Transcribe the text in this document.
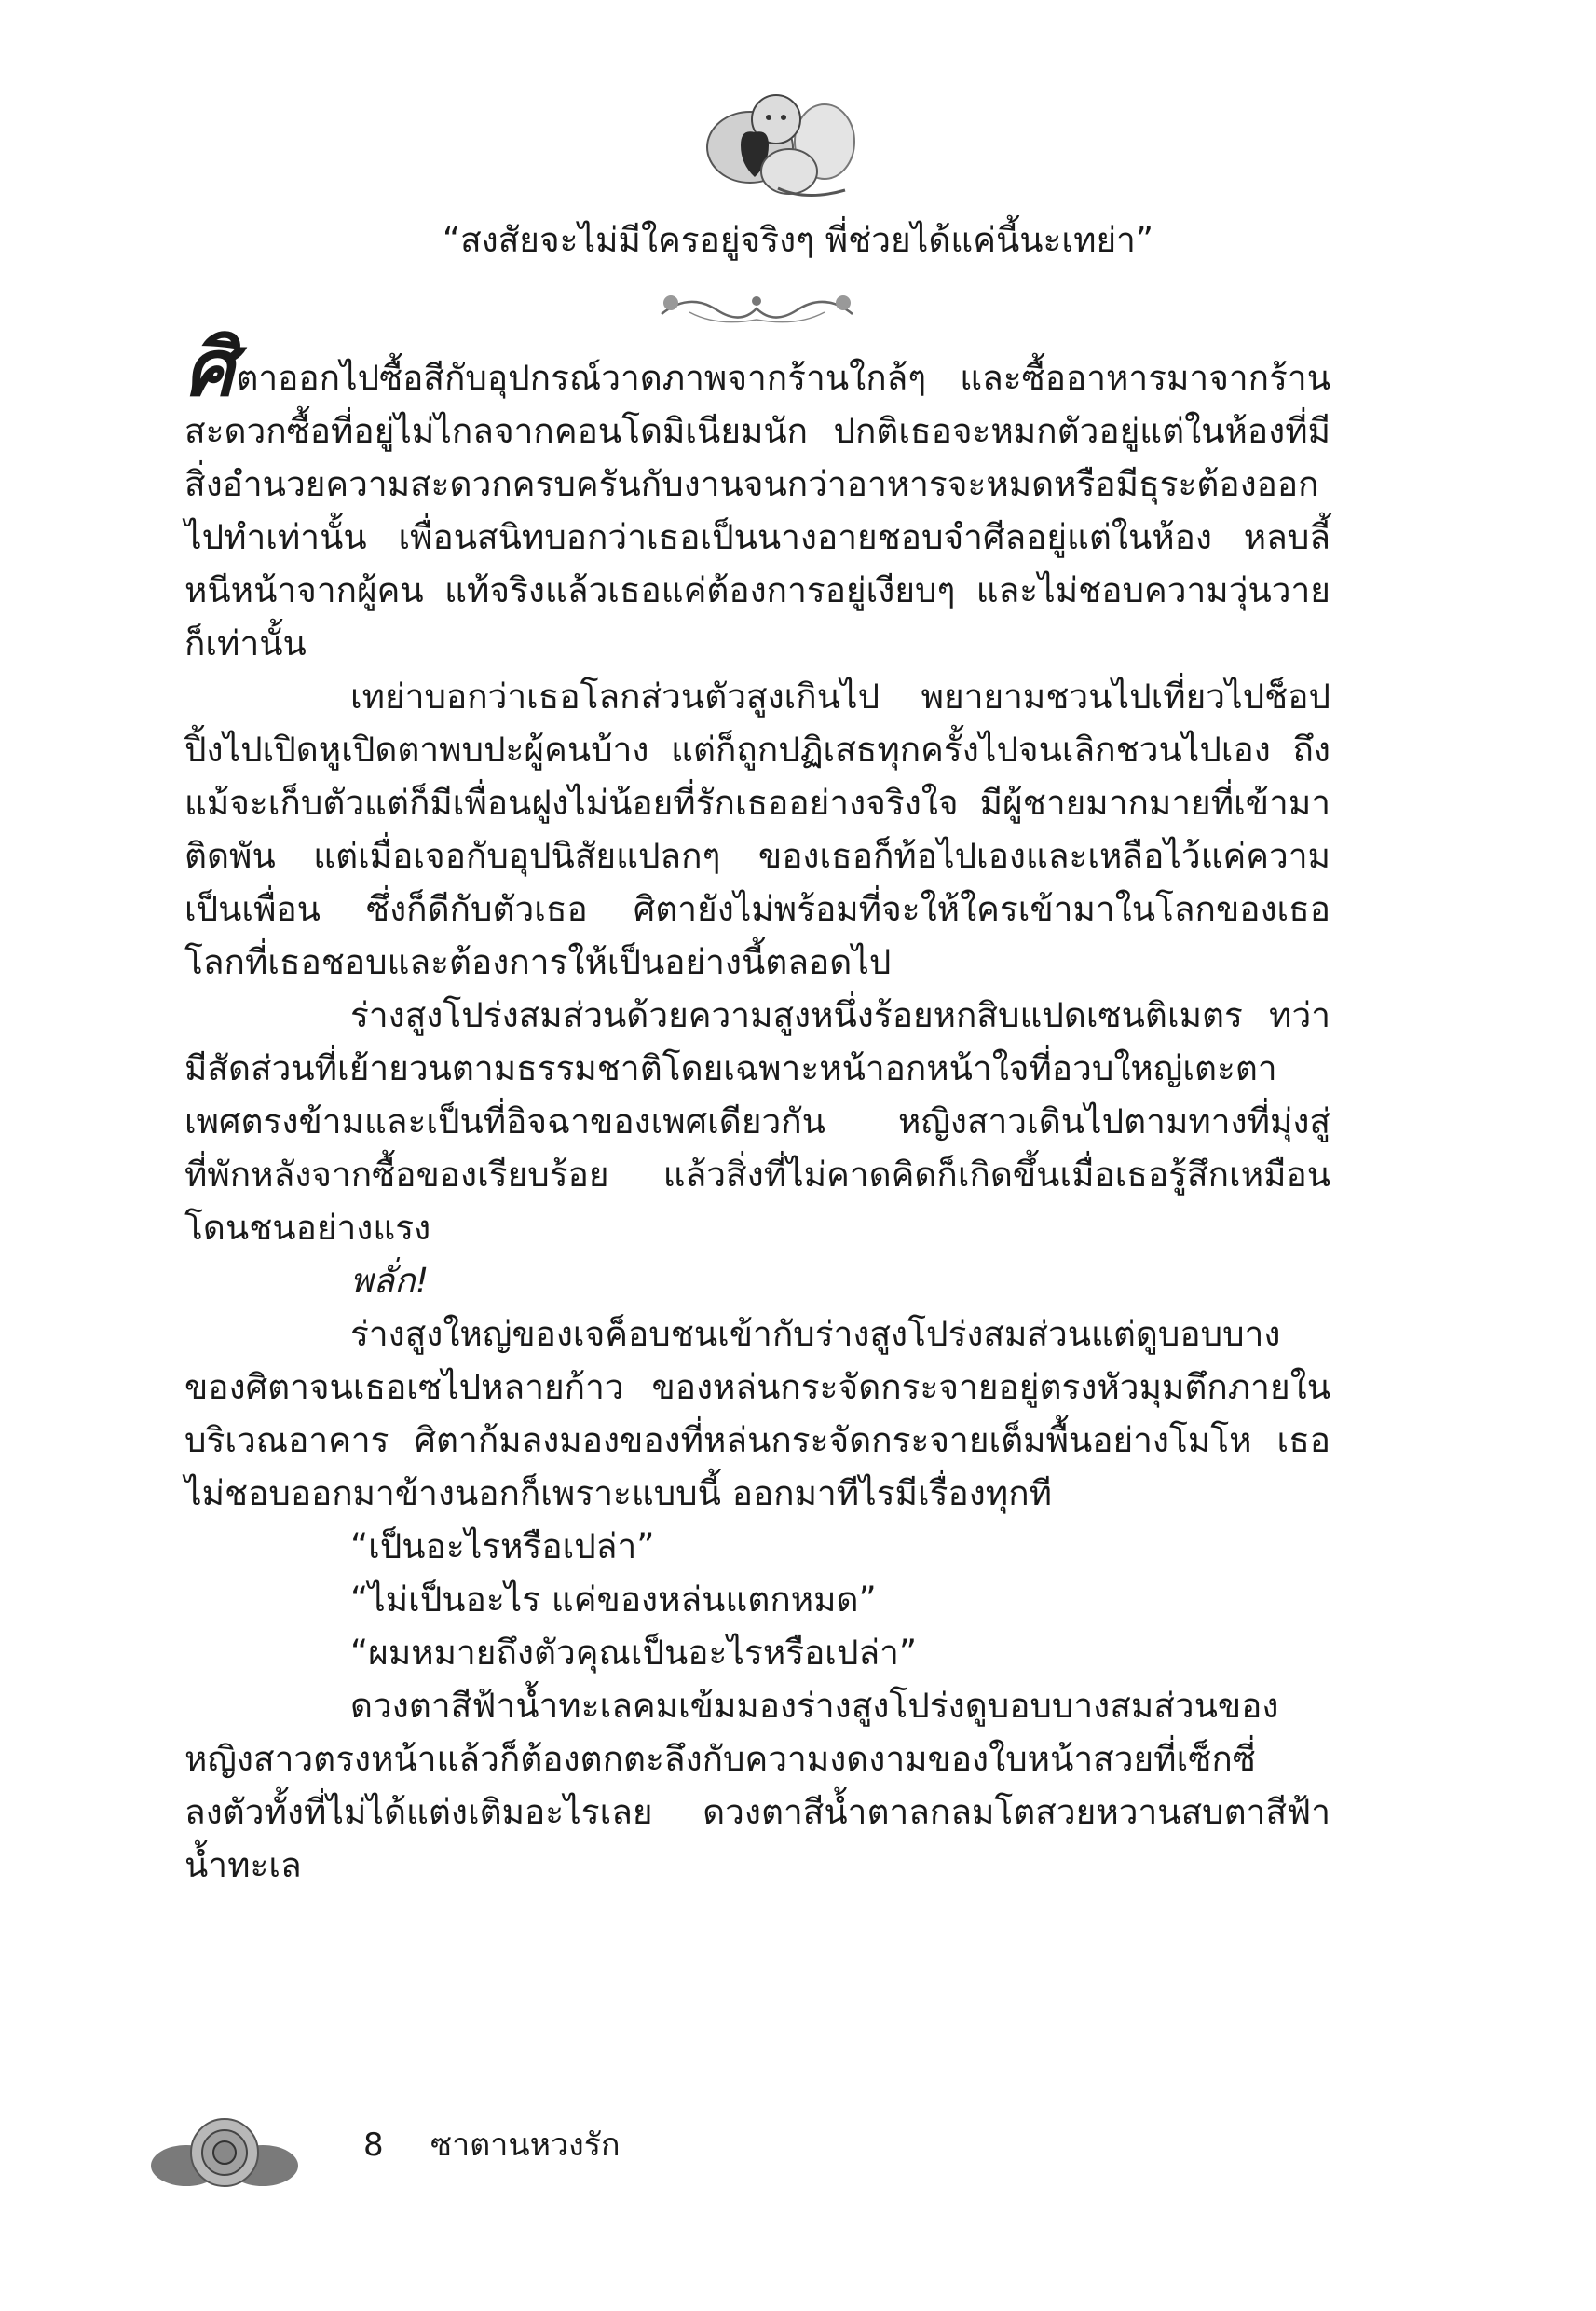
“สงสัยจะไม่มีใครอยู่จริงๆ พี่ช่วยได้แค่นี้นะเทย่า”

ศิตาออกไปซื้อสีกับอุปกรณ์วาดภาพจากร้านใกล้ๆ และซื้ออาหารมาจากร้านสะดวกซื้อที่อยู่ไม่ไกลจากคอนโดมิเนียมนัก ปกติเธอจะหมกตัวอยู่แต่ในห้องที่มีสิ่งอำนวยความสะดวกครบครันกับงานจนกว่าอาหารจะหมดหรือมีธุระต้องออกไปทำเท่านั้น เพื่อนสนิทบอกว่าเธอเป็นนางอายชอบจำศีลอยู่แต่ในห้อง หลบลี้หนีหน้าจากผู้คน แท้จริงแล้วเธอแค่ต้องการอยู่เงียบๆ และไม่ชอบความวุ่นวายก็เท่านั้น

เทย่าบอกว่าเธอโลกส่วนตัวสูงเกินไป พยายามชวนไปเที่ยวไปช็อปปิ้งไปเปิดหูเปิดตาพบปะผู้คนบ้าง แต่ก็ถูกปฏิเสธทุกครั้งไปจนเลิกชวนไปเอง ถึงแม้จะเก็บตัวแต่ก็มีเพื่อนฝูงไม่น้อยที่รักเธออย่างจริงใจ มีผู้ชายมากมายที่เข้ามาติดพัน แต่เมื่อเจอกับอุปนิสัยแปลกๆ ของเธอก็ท้อไปเองและเหลือไว้แค่ความเป็นเพื่อน ซึ่งก็ดีกับตัวเธอ ศิตายังไม่พร้อมที่จะให้ใครเข้ามาในโลกของเธอ โลกที่เธอชอบและต้องการให้เป็นอย่างนี้ตลอดไป

ร่างสูงโปร่งสมส่วนด้วยความสูงหนึ่งร้อยหกสิบแปดเซนติเมตร ทว่ามีสัดส่วนที่เย้ายวนตามธรรมชาติโดยเฉพาะหน้าอกหน้าใจที่อวบใหญ่เตะตาเพศตรงข้ามและเป็นที่อิจฉาของเพศเดียวกัน หญิงสาวเดินไปตามทางที่มุ่งสู่ที่พักหลังจากซื้อของเรียบร้อย แล้วสิ่งที่ไม่คาดคิดก็เกิดขึ้นเมื่อเธอรู้สึกเหมือนโดนชนอย่างแรง

พลั่ก!

ร่างสูงใหญ่ของเจค็อบชนเข้ากับร่างสูงโปร่งสมส่วนแต่ดูบอบบางของศิตาจนเธอเซไปหลายก้าว ของหล่นกระจัดกระจายอยู่ตรงหัวมุมตึกภายในบริเวณอาคาร ศิตาก้มลงมองของที่หล่นกระจัดกระจายเต็มพื้นอย่างโมโห เธอไม่ชอบออกมาข้างนอกก็เพราะแบบนี้ ออกมาทีไรมีเรื่องทุกที

“เป็นอะไรหรือเปล่า”

“ไม่เป็นอะไร แค่ของหล่นแตกหมด”

“ผมหมายถึงตัวคุณเป็นอะไรหรือเปล่า”

ดวงตาสีฟ้าน้ำทะเลคมเข้มมองร่างสูงโปร่งดูบอบบางสมส่วนของหญิงสาวตรงหน้าแล้วก็ต้องตกตะลึงกับความงดงามของใบหน้าสวยที่เซ็กซี่ลงตัวทั้งที่ไม่ได้แต่งเติมอะไรเลย ดวงตาสีน้ำตาลกลมโตสวยหวานสบตาสีฟ้าน้ำทะเล

8 ซาตานหวงรัก
